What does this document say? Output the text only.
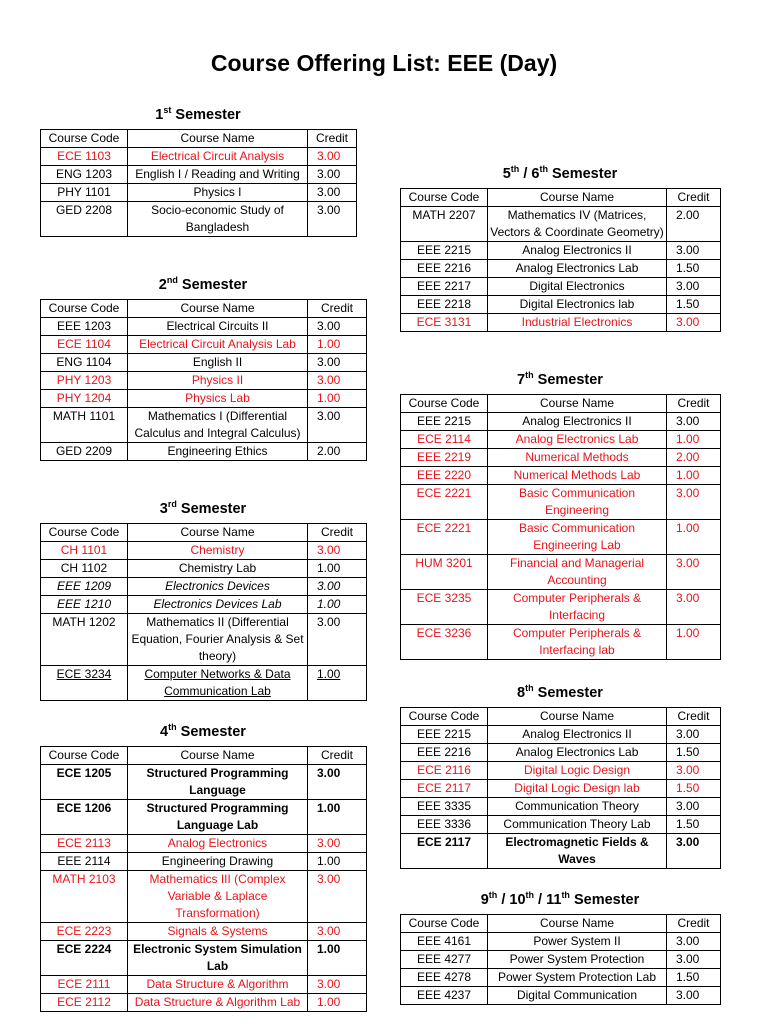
Course Offering List: EEE (Day)
1st Semester
2nd Semester
3rd Semester
4th Semester
5th / 6th Semester
7th Semester
8th Semester
9th / 10th / 11th Semester
Course Code	Course Name	Credit
ECE 1103	Electrical Circuit Analysis	3.00
ENG 1203	English I / Reading and Writing	3.00
PHY 1101	Physics I	3.00
GED 2208	Socio-economic Study of Bangladesh	3.00
Course Code	Course Name	Credit
EEE 1203	Electrical Circuits II	3.00
ECE 1104	Electrical Circuit Analysis Lab	1.00
ENG 1104	English II	3.00
PHY 1203	Physics II	3.00
PHY 1204	Physics Lab	1.00
MATH 1101	Mathematics I (Differential Calculus and Integral Calculus)	3.00
GED 2209	Engineering Ethics	2.00
Course Code	Course Name	Credit
CH 1101	Chemistry	3.00
CH 1102	Chemistry Lab	1.00
EEE 1209	Electronics Devices	3.00
EEE 1210	Electronics Devices Lab	1.00
MATH 1202	Mathematics II (Differential Equation, Fourier Analysis & Set theory)	3.00
ECE 3234	Computer Networks & Data Communication Lab	1.00
Course Code	Course Name	Credit
ECE 1205	Structured Programming Language	3.00
ECE 1206	Structured Programming Language Lab	1.00
ECE 2113	Analog Electronics	3.00
EEE 2114	Engineering Drawing	1.00
MATH 2103	Mathematics III (Complex Variable & Laplace Transformation)	3.00
ECE 2223	Signals & Systems	3.00
ECE 2224	Electronic System Simulation Lab	1.00
ECE 2111	Data Structure & Algorithm	3.00
ECE 2112	Data Structure & Algorithm Lab	1.00
Course Code	Course Name	Credit
MATH 2207	Mathematics IV (Matrices, Vectors & Coordinate Geometry)	2.00
EEE 2215	Analog Electronics II	3.00
EEE 2216	Analog Electronics Lab	1.50
EEE 2217	Digital Electronics	3.00
EEE 2218	Digital Electronics lab	1.50
ECE 3131	Industrial Electronics	3.00
Course Code	Course Name	Credit
EEE 2215	Analog Electronics II	3.00
ECE 2114	Analog Electronics Lab	1.00
EEE 2219	Numerical Methods	2.00
EEE 2220	Numerical Methods Lab	1.00
ECE 2221	Basic Communication Engineering	3.00
ECE 2221	Basic Communication Engineering Lab	1.00
HUM 3201	Financial and Managerial Accounting	3.00
ECE 3235	Computer Peripherals & Interfacing	3.00
ECE 3236	Computer Peripherals & Interfacing lab	1.00
Course Code	Course Name	Credit
EEE 2215	Analog Electronics II	3.00
EEE 2216	Analog Electronics Lab	1.50
ECE 2116	Digital Logic Design	3.00
ECE 2117	Digital Logic Design lab	1.50
EEE 3335	Communication Theory	3.00
EEE 3336	Communication Theory Lab	1.50
ECE 2117	Electromagnetic Fields & Waves	3.00
Course Code	Course Name	Credit
EEE 4161	Power System II	3.00
EEE 4277	Power System Protection	3.00
EEE 4278	Power System Protection Lab	1.50
EEE 4237	Digital Communication	3.00
